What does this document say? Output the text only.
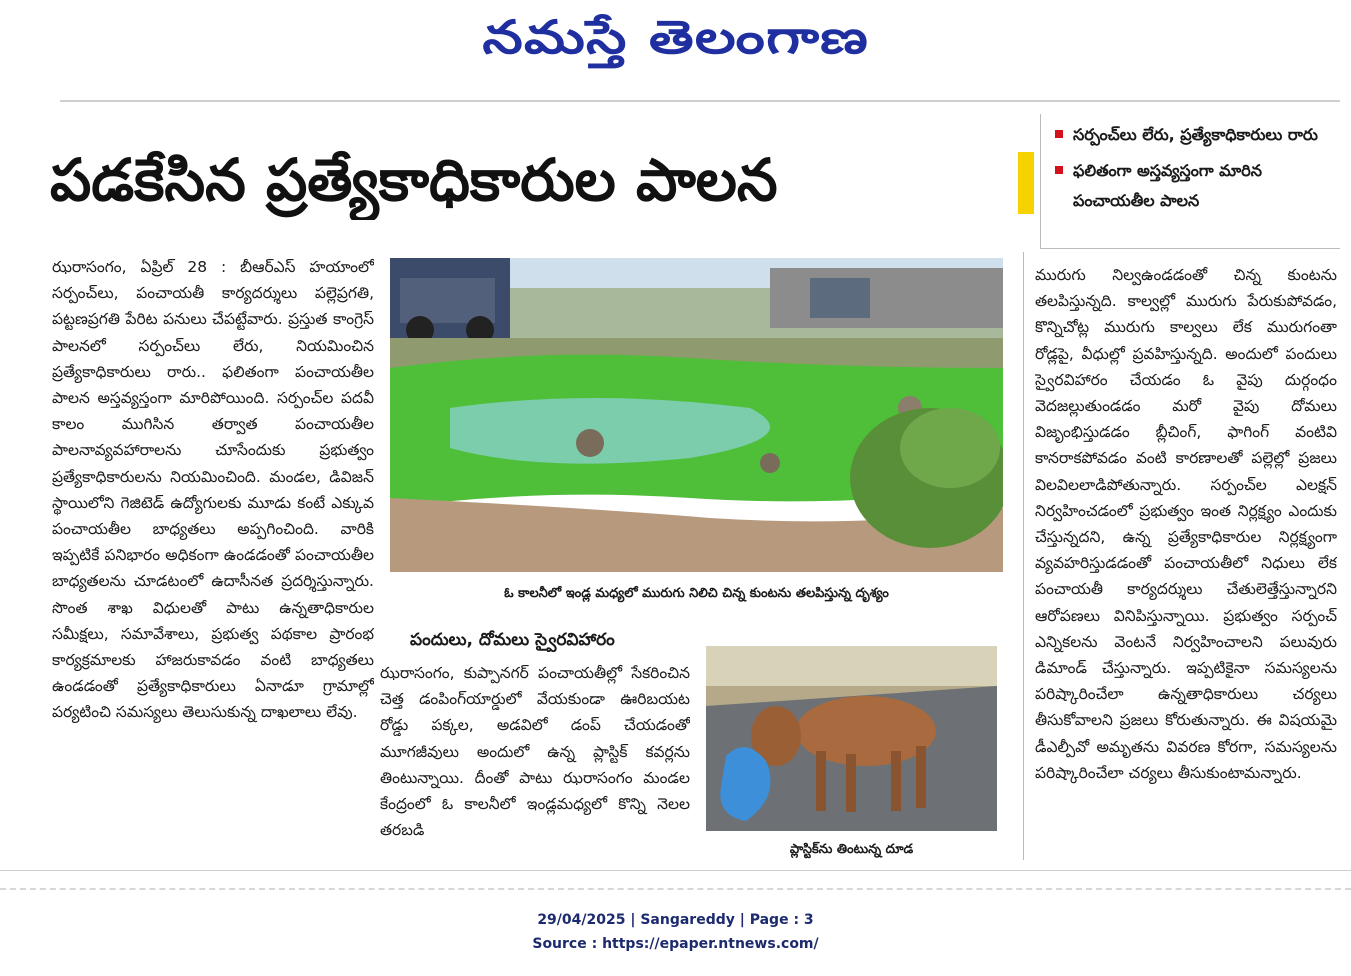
నమస్తే తెలంగాణ
పడకేసిన ప్రత్యేకాధికారుల పాలన
సర్పంచ్‌లు లేరు, ప్రత్యేకాధికారులు రారు
ఫలితంగా అస్తవ్యస్తంగా మారిన పంచాయతీల పాలన
ఝరాసంగం, ఏప్రిల్ 28 : బీఆర్‌ఎస్ హయాంలో సర్పంచ్‌లు, పంచాయతీ కార్యదర్శులు పల్లెప్రగతి, పట్టణప్రగతి పేరిట పనులు చేపట్టేవారు. ప్రస్తుత కాంగ్రెస్ పాలనలో సర్పంచ్‌లు లేరు, నియమించిన ప్రత్యేకాధికారులు రారు.. ఫలితంగా పంచాయతీల పాలన అస్తవ్యస్తంగా మారిపోయింది. సర్పంచ్‌ల పదవీ కాలం ముగిసిన తర్వాత పంచాయతీల పాలనావ్యవహారాలను చూసేందుకు ప్రభుత్వం ప్రత్యేకాధికారులను నియమించింది. మండల, డివిజన్ స్థాయిలోని గెజిటెడ్ ఉద్యోగులకు మూడు కంటే ఎక్కువ పంచాయతీల బాధ్యతలు అప్పగించింది. వారికి ఇప్పటికే పనిభారం అధికంగా ఉండడంతో పంచాయతీల బాధ్యతలను చూడటంలో ఉదాసీనత ప్రదర్శిస్తున్నారు. సొంత శాఖ విధులతో పాటు ఉన్నతాధికారుల సమీక్షలు, సమావేశాలు, ప్రభుత్వ పథకాల ప్రారంభ కార్యక్రమాలకు హాజరుకావడం వంటి బాధ్యతలు ఉండడంతో ప్రత్యేకాధికారులు ఏనాడూ గ్రామాల్లో పర్యటించి సమస్యలు తెలుసుకున్న దాఖలాలు లేవు.
ఓ కాలనీలో ఇండ్ల మధ్యలో మురుగు నిలిచి చిన్న కుంటను తలపిస్తున్న దృశ్యం
పందులు, దోమలు స్వైరవిహారం
ఝరాసంగం, కుప్పానగర్ పంచాయతీల్లో సేకరించిన చెత్త డంపింగ్‌యార్డులో వేయకుండా ఊరిబయట రోడ్డు పక్కల, అడవిలో డంప్ చేయడంతో మూగజీవులు అందులో ఉన్న ప్లాస్టిక్ కవర్లను తింటున్నాయి. దీంతో పాటు ఝరాసంగం మండల కేంద్రంలో ఓ కాలనీలో ఇండ్లమధ్యలో కొన్ని నెలల తరబడి
ప్లాస్టిక్‌ను తింటున్న దూడ
మురుగు నిల్వఉండడంతో చిన్న కుంటను తలపిస్తున్నది. కాల్వల్లో మురుగు పేరుకుపోవడం, కొన్నిచోట్ల మురుగు కాల్వలు లేక మురుగంతా రోడ్లపై, వీధుల్లో ప్రవహిస్తున్నది. అందులో పందులు స్వైరవిహారం చేయడం ఓ వైపు దుర్గంధం వెదజల్లుతుండడం మరో వైపు దోమలు విజృంభిస్తుడడం బ్లీచింగ్, ఫాగింగ్ వంటివి కానరాకపోవడం వంటి కారణాలతో పల్లెల్లో ప్రజలు విలవిలలాడిపోతున్నారు. సర్పంచ్‌ల ఎలక్షన్ నిర్వహించడంలో ప్రభుత్వం ఇంత నిర్లక్ష్యం ఎందుకు చేస్తున్నదని, ఉన్న ప్రత్యేకాధికారుల నిర్లక్ష్యంగా వ్యవహరిస్తుడడంతో పంచాయతీలో నిధులు లేక పంచాయతీ కార్యదర్శులు చేతులెత్తేస్తున్నారని ఆరోపణలు వినిపిస్తున్నాయి. ప్రభుత్వం సర్పంచ్ ఎన్నికలను వెంటనే నిర్వహించాలని పలువురు డిమాండ్ చేస్తున్నారు. ఇప్పటికైనా సమస్యలను పరిష్కారించేలా ఉన్నతాధికారులు చర్యలు తీసుకోవాలని ప్రజలు కోరుతున్నారు. ఈ విషయమై డీఎల్పీవో అమృతను వివరణ కోరగా, సమస్యలను పరిష్కారించేలా చర్యలు తీసుకుంటామన్నారు.
29/04/2025 | Sangareddy | Page : 3
Source : https://epaper.ntnews.com/
